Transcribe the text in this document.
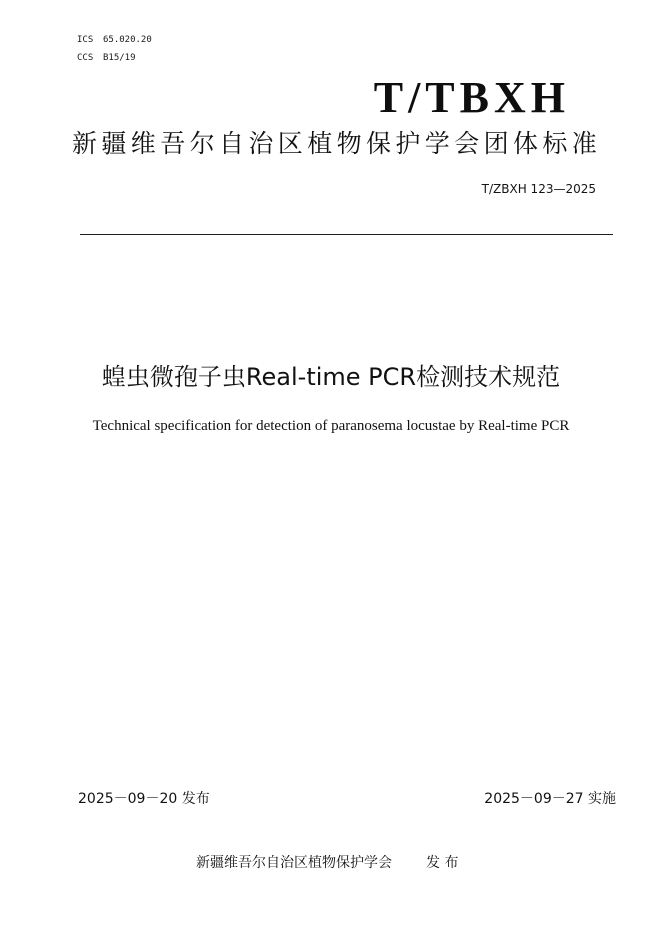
ICS 65.020.20
CCS B15/19
T/TBXH
新疆维吾尔自治区植物保护学会团体标准
T/ZBXH 123—2025
蝗虫微孢子虫Real-time PCR检测技术规范
Technical specification for detection of paranosema locustae by Real-time PCR
2025－09－20 发布	2025－09－27 实施
新疆维吾尔自治区植物保护学会 发 布
